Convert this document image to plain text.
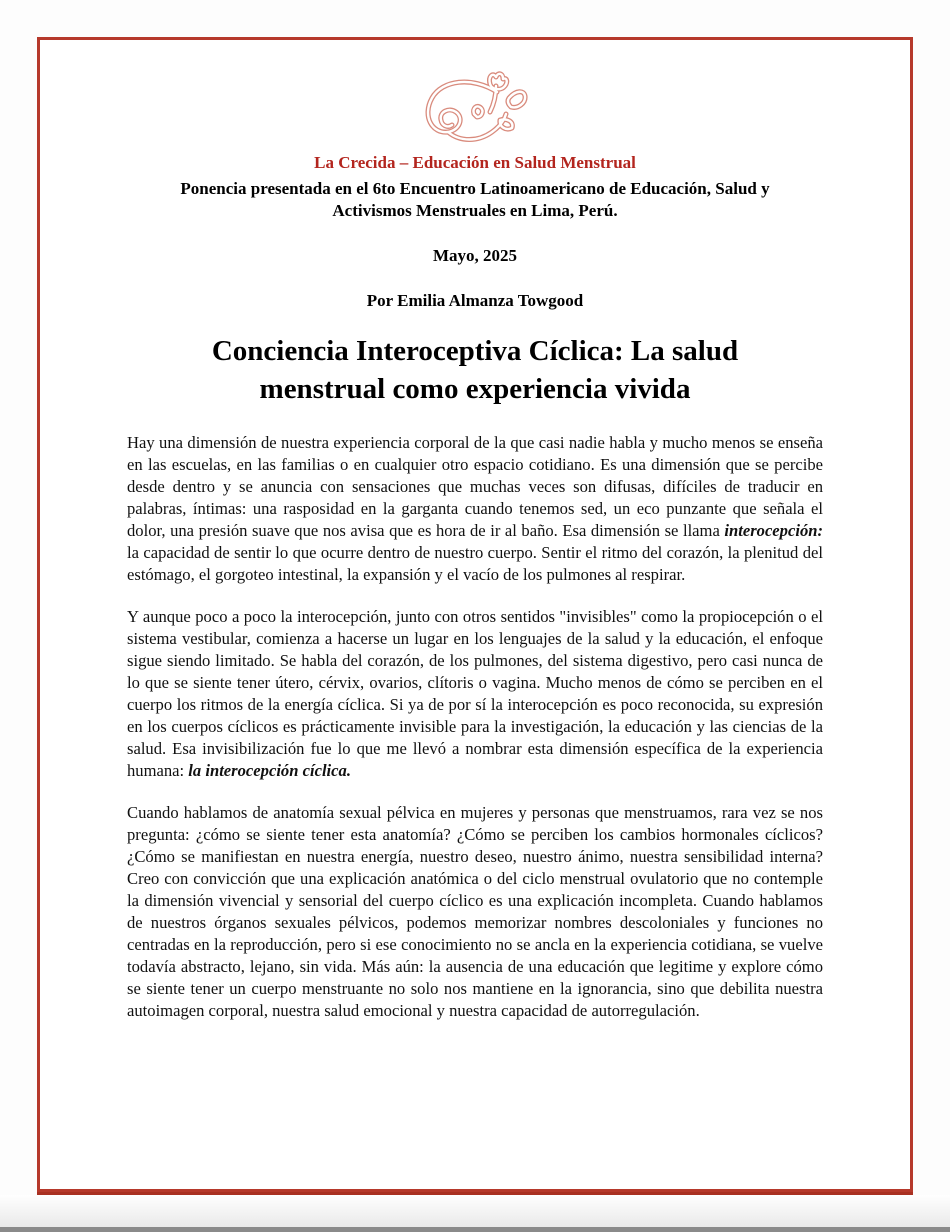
La Crecida – Educación en Salud Menstrual
Ponencia presentada en el 6to Encuentro Latinoamericano de Educación, Salud y
Activismos Menstruales en Lima, Perú.
Mayo, 2025
Por Emilia Almanza Towgood
Conciencia Interoceptiva Cíclica: La salud
menstrual como experiencia vivida

Hay una dimensión de nuestra experiencia corporal de la que casi nadie habla y mucho menos se enseña en las escuelas, en las familias o en cualquier otro espacio cotidiano. Es una dimensión que se percibe desde dentro y se anuncia con sensaciones que muchas veces son difusas, difíciles de traducir en palabras, íntimas: una rasposidad en la garganta cuando tenemos sed, un eco punzante que señala el dolor, una presión suave que nos avisa que es hora de ir al baño. Esa dimensión se llama interocepción: la capacidad de sentir lo que ocurre dentro de nuestro cuerpo. Sentir el ritmo del corazón, la plenitud del estómago, el gorgoteo intestinal, la expansión y el vacío de los pulmones al respirar.

Y aunque poco a poco la interocepción, junto con otros sentidos "invisibles" como la propiocepción o el sistema vestibular, comienza a hacerse un lugar en los lenguajes de la salud y la educación, el enfoque sigue siendo limitado. Se habla del corazón, de los pulmones, del sistema digestivo, pero casi nunca de lo que se siente tener útero, cérvix, ovarios, clítoris o vagina. Mucho menos de cómo se perciben en el cuerpo los ritmos de la energía cíclica. Si ya de por sí la interocepción es poco reconocida, su expresión en los cuerpos cíclicos es prácticamente invisible para la investigación, la educación y las ciencias de la salud. Esa invisibilización fue lo que me llevó a nombrar esta dimensión específica de la experiencia humana: la interocepción cíclica.

Cuando hablamos de anatomía sexual pélvica en mujeres y personas que menstruamos, rara vez se nos pregunta: ¿cómo se siente tener esta anatomía? ¿Cómo se perciben los cambios hormonales cíclicos? ¿Cómo se manifiestan en nuestra energía, nuestro deseo, nuestro ánimo, nuestra sensibilidad interna? Creo con convicción que una explicación anatómica o del ciclo menstrual ovulatorio que no contemple la dimensión vivencial y sensorial del cuerpo cíclico es una explicación incompleta. Cuando hablamos de nuestros órganos sexuales pélvicos, podemos memorizar nombres descoloniales y funciones no centradas en la reproducción, pero si ese conocimiento no se ancla en la experiencia cotidiana, se vuelve todavía abstracto, lejano, sin vida. Más aún: la ausencia de una educación que legitime y explore cómo se siente tener un cuerpo menstruante no solo nos mantiene en la ignorancia, sino que debilita nuestra autoimagen corporal, nuestra salud emocional y nuestra capacidad de autorregulación.
